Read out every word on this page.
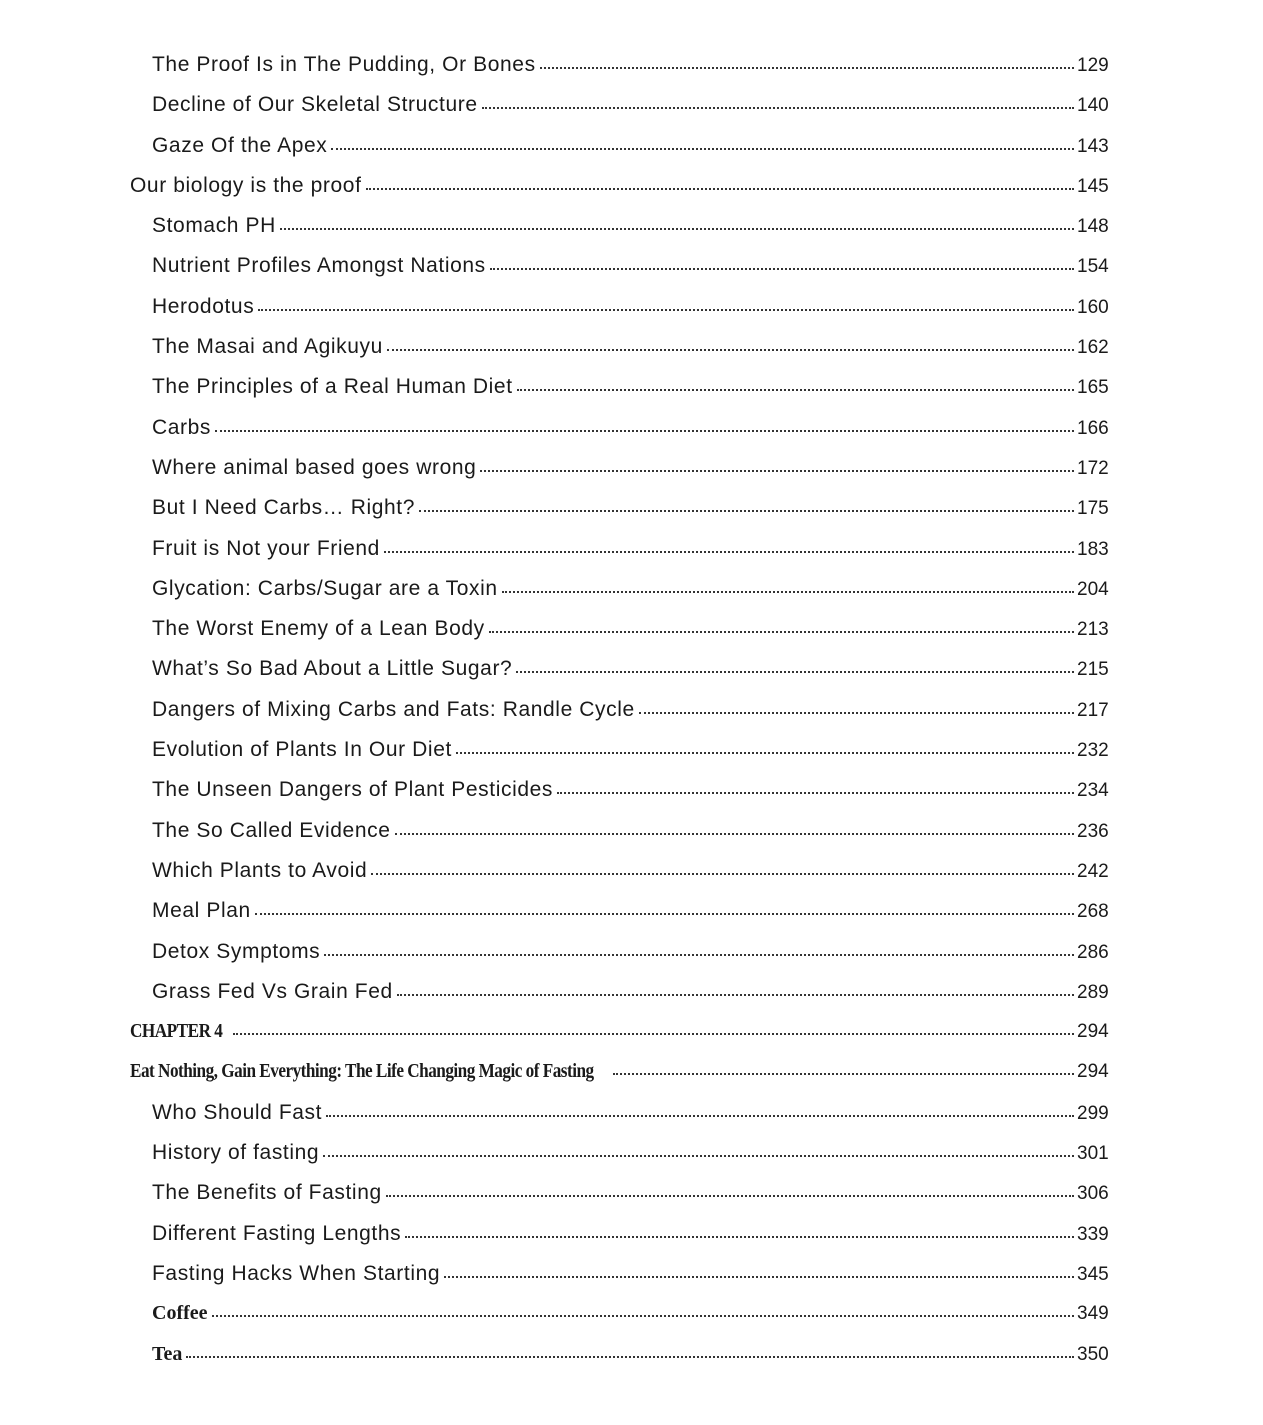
The Proof Is in The Pudding, Or Bones	129
Decline of Our Skeletal Structure	140
Gaze Of the Apex	143
Our biology is the proof	145
Stomach PH	148
Nutrient Profiles Amongst Nations	154
Herodotus	160
The Masai and Agikuyu	162
The Principles of a Real Human Diet	165
Carbs	166
Where animal based goes wrong	172
But I Need Carbs… Right?	175
Fruit is Not your Friend	183
Glycation: Carbs/Sugar are a Toxin	204
The Worst Enemy of a Lean Body	213
What’s So Bad About a Little Sugar?	215
Dangers of Mixing Carbs and Fats: Randle Cycle	217
Evolution of Plants In Our Diet	232
The Unseen Dangers of Plant Pesticides	234
The So Called Evidence	236
Which Plants to Avoid	242
Meal Plan	268
Detox Symptoms	286
Grass Fed Vs Grain Fed	289
CHAPTER 4	294
Eat Nothing, Gain Everything: The Life Changing Magic of Fasting	294
Who Should Fast	299
History of fasting	301
The Benefits of Fasting	306
Different Fasting Lengths	339
Fasting Hacks When Starting	345
Coffee	349
Tea	350
